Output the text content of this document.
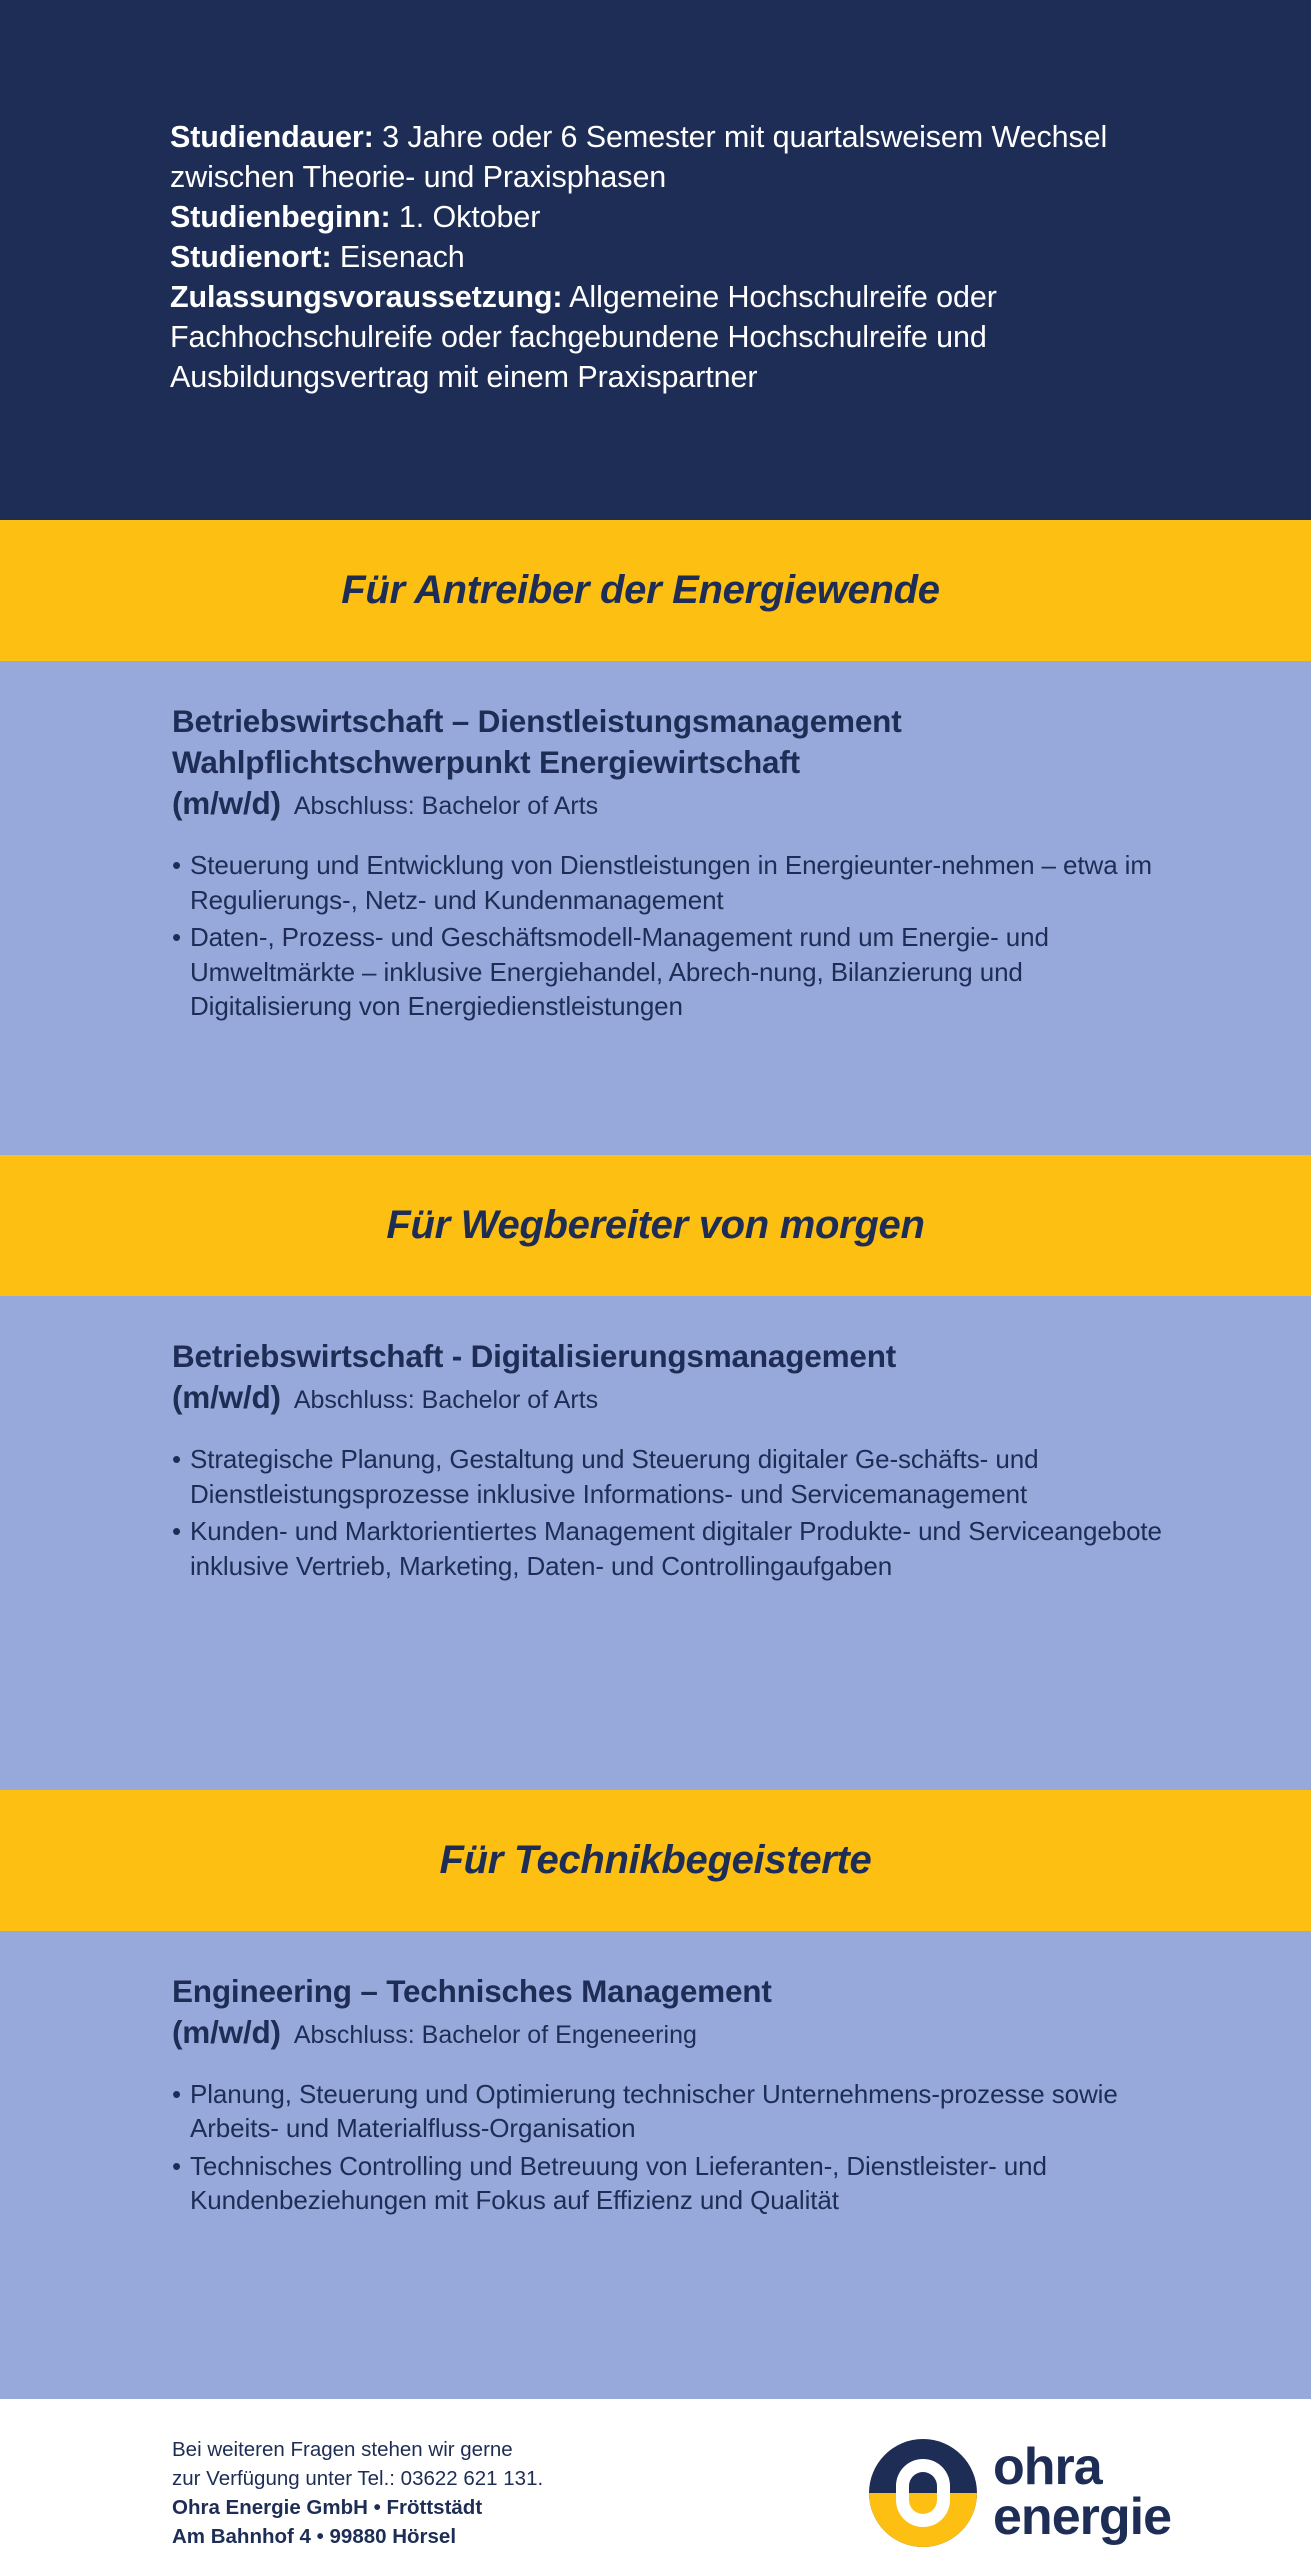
Studiendauer: 3 Jahre oder 6 Semester mit quartalsweisem Wechsel zwischen Theorie- und Praxisphasen
Studienbeginn: 1. Oktober
Studienort: Eisenach
Zulassungsvoraussetzung: Allgemeine Hochschulreife oder Fachhochschulreife oder fachgebundene Hochschulreife und Ausbildungsvertrag mit einem Praxispartner

Für Antreiber der Energiewende
Betriebswirtschaft – Dienstleistungsmanagement
Wahlpflichtschwerpunkt Energiewirtschaft
(m/w/d) Abschluss: Bachelor of Arts
• Steuerung und Entwicklung von Dienstleistungen in Energieunter-nehmen – etwa im Regulierungs-, Netz- und Kundenmanagement
• Daten-, Prozess- und Geschäftsmodell-Management rund um Energie- und Umweltmärkte – inklusive Energiehandel, Abrech-nung, Bilanzierung und Digitalisierung von Energiedienstleistungen
Für Wegbereiter von morgen
Betriebswirtschaft - Digitalisierungsmanagement
(m/w/d) Abschluss: Bachelor of Arts
• Strategische Planung, Gestaltung und Steuerung digitaler Ge-schäfts- und Dienstleistungsprozesse inklusive Informations- und Servicemanagement
• Kunden- und Marktorientiertes Management digitaler Produkte- und Serviceangebote inklusive Vertrieb, Marketing, Daten- und Controllingaufgaben
Für Technikbegeisterte
Engineering – Technisches Management
(m/w/d) Abschluss: Bachelor of Engeneering
• Planung, Steuerung und Optimierung technischer Unternehmens-prozesse sowie Arbeits- und Materialfluss-Organisation
• Technisches Controlling und Betreuung von Lieferanten-, Dienstleister- und Kundenbeziehungen mit Fokus auf Effizienz und Qualität
Bei weiteren Fragen stehen wir gerne
zur Verfügung unter Tel.: 03622 621 131.
Ohra Energie GmbH • Fröttstädt
Am Bahnhof 4 • 99880 Hörsel
ohra
energie
